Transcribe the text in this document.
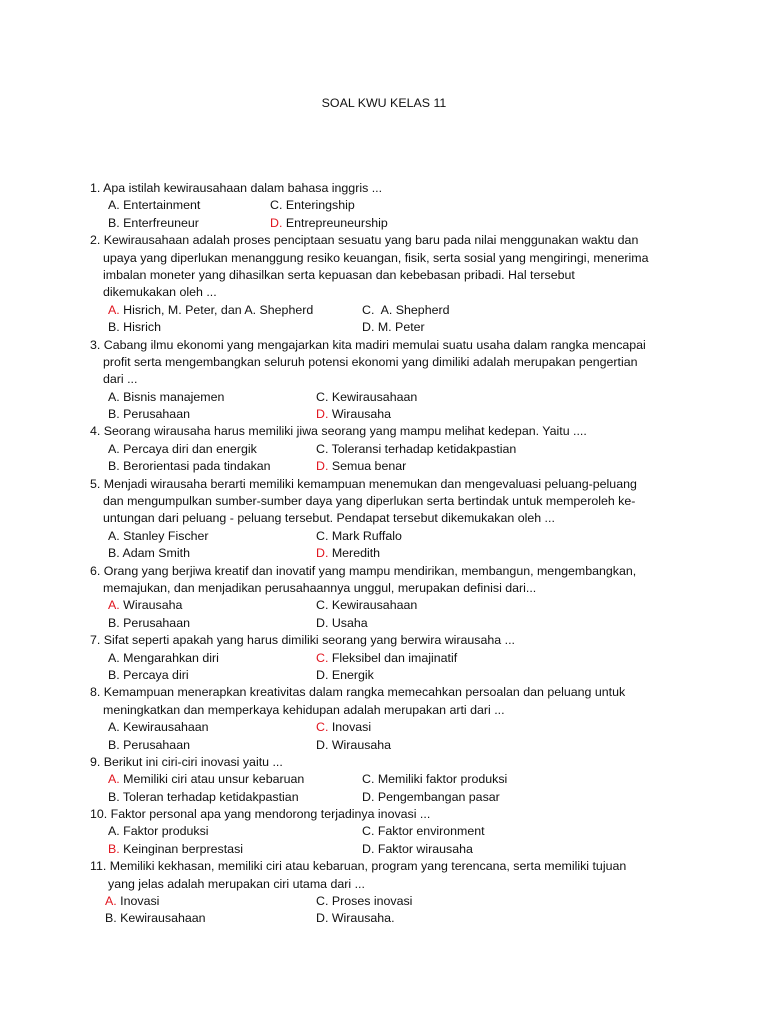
SOAL KWU KELAS 11
1. Apa istilah kewirausahaan dalam bahasa inggris ...
A. Entertainment	C. Enteringship
B. Enterfreuneur	D. Entrepreuneurship
2. Kewirausahaan adalah proses penciptaan sesuatu yang baru pada nilai menggunakan waktu dan
upaya yang diperlukan menanggung resiko keuangan, fisik, serta sosial yang mengiringi, menerima
imbalan moneter yang dihasilkan serta kepuasan dan kebebasan pribadi. Hal tersebut
dikemukakan oleh ...
A. Hisrich, M. Peter, dan A. Shepherd	C.  A. Shepherd
B. Hisrich	D. M. Peter
3. Cabang ilmu ekonomi yang mengajarkan kita madiri memulai suatu usaha dalam rangka mencapai
profit serta mengembangkan seluruh potensi ekonomi yang dimiliki adalah merupakan pengertian
dari ...
A. Bisnis manajemen	C. Kewirausahaan
B. Perusahaan	D. Wirausaha
4. Seorang wirausaha harus memiliki jiwa seorang yang mampu melihat kedepan. Yaitu ....
A. Percaya diri dan energik	C. Toleransi terhadap ketidakpastian
B. Berorientasi pada tindakan	D. Semua benar
5. Menjadi wirausaha berarti memiliki kemampuan menemukan dan mengevaluasi peluang-peluang
dan mengumpulkan sumber-sumber daya yang diperlukan serta bertindak untuk memperoleh ke-
untungan dari peluang - peluang tersebut. Pendapat tersebut dikemukakan oleh ...
A. Stanley Fischer	C. Mark Ruffalo
B. Adam Smith	D. Meredith
6. Orang yang berjiwa kreatif dan inovatif yang mampu mendirikan, membangun, mengembangkan,
memajukan, dan menjadikan perusahaannya unggul, merupakan definisi dari...
A. Wirausaha	C. Kewirausahaan
B. Perusahaan	D. Usaha
7. Sifat seperti apakah yang harus dimiliki seorang yang berwira wirausaha ...
A. Mengarahkan diri	C. Fleksibel dan imajinatif
B. Percaya diri	D. Energik
8. Kemampuan menerapkan kreativitas dalam rangka memecahkan persoalan dan peluang untuk
meningkatkan dan memperkaya kehidupan adalah merupakan arti dari ...
A. Kewirausahaan	C. Inovasi
B. Perusahaan	D. Wirausaha
9. Berikut ini ciri-ciri inovasi yaitu ...
A. Memiliki ciri atau unsur kebaruan	C. Memiliki faktor produksi
B. Toleran terhadap ketidakpastian	D. Pengembangan pasar
10. Faktor personal apa yang mendorong terjadinya inovasi ...
A. Faktor produksi	C. Faktor environment
B. Keinginan berprestasi	D. Faktor wirausaha
11. Memiliki kekhasan, memiliki ciri atau kebaruan, program yang terencana, serta memiliki tujuan
yang jelas adalah merupakan ciri utama dari ...
A. Inovasi	C. Proses inovasi
B. Kewirausahaan	D. Wirausaha.
